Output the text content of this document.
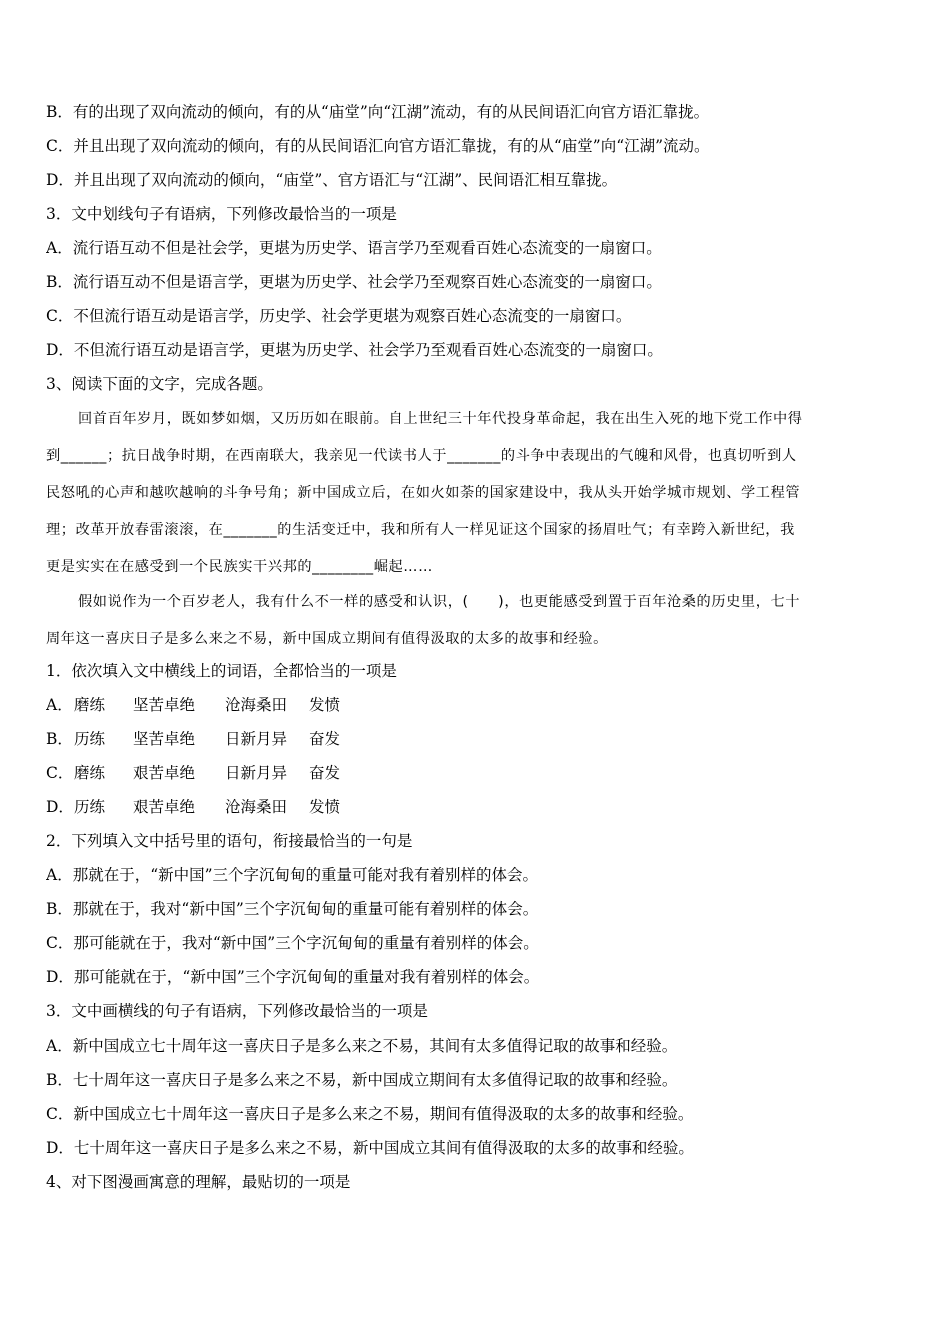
B．有的出现了双向流动的倾向，有的从“庙堂”向“江湖”流动，有的从民间语汇向官方语汇靠拢。
C．并且出现了双向流动的倾向，有的从民间语汇向官方语汇靠拢，有的从“庙堂”向“江湖”流动。
D．并且出现了双向流动的倾向，“庙堂”、官方语汇与“江湖”、民间语汇相互靠拢。
3．文中划线句子有语病，下列修改最恰当的一项是
A．流行语互动不但是社会学，更堪为历史学、语言学乃至观看百姓心态流变的一扇窗口。
B．流行语互动不但是语言学，更堪为历史学、社会学乃至观察百姓心态流变的一扇窗口。
C．不但流行语互动是语言学，历史学、社会学更堪为观察百姓心态流变的一扇窗口。
D．不但流行语互动是语言学，更堪为历史学、社会学乃至观看百姓心态流变的一扇窗口。
3、阅读下面的文字，完成各题。
回首百年岁月，既如梦如烟，又历历如在眼前。自上世纪三十年代投身革命起，我在出生入死的地下党工作中得
到______；抗日战争时期，在西南联大，我亲见一代读书人于_______的斗争中表现出的气魄和风骨，也真切听到人
民怒吼的心声和越吹越响的斗争号角；新中国成立后，在如火如荼的国家建设中，我从头开始学城市规划、学工程管
理；改革开放春雷滚滚，在_______的生活变迁中，我和所有人一样见证这个国家的扬眉吐气；有幸跨入新世纪，我
更是实实在在感受到一个民族实干兴邦的________崛起……
假如说作为一个百岁老人，我有什么不一样的感受和认识，(　　)，也更能感受到置于百年沧桑的历史里，七十
周年这一喜庆日子是多么来之不易，新中国成立期间有值得汲取的太多的故事和经验。
1．依次填入文中横线上的词语，全都恰当的一项是
A．磨练 坚苦卓绝 沧海桑田 发愤
B．历练 坚苦卓绝 日新月异 奋发
C．磨练 艰苦卓绝 日新月异 奋发
D．历练 艰苦卓绝 沧海桑田 发愤
2．下列填入文中括号里的语句，衔接最恰当的一句是
A．那就在于，“新中国”三个字沉甸甸的重量可能对我有着别样的体会。
B．那就在于，我对“新中国”三个字沉甸甸的重量可能有着别样的体会。
C．那可能就在于，我对“新中国”三个字沉甸甸的重量有着别样的体会。
D．那可能就在于，“新中国”三个字沉甸甸的重量对我有着别样的体会。
3．文中画横线的句子有语病，下列修改最恰当的一项是
A．新中国成立七十周年这一喜庆日子是多么来之不易，其间有太多值得记取的故事和经验。
B．七十周年这一喜庆日子是多么来之不易，新中国成立期间有太多值得记取的故事和经验。
C．新中国成立七十周年这一喜庆日子是多么来之不易，期间有值得汲取的太多的故事和经验。
D．七十周年这一喜庆日子是多么来之不易，新中国成立其间有值得汲取的太多的故事和经验。
4、对下图漫画寓意的理解，最贴切的一项是
